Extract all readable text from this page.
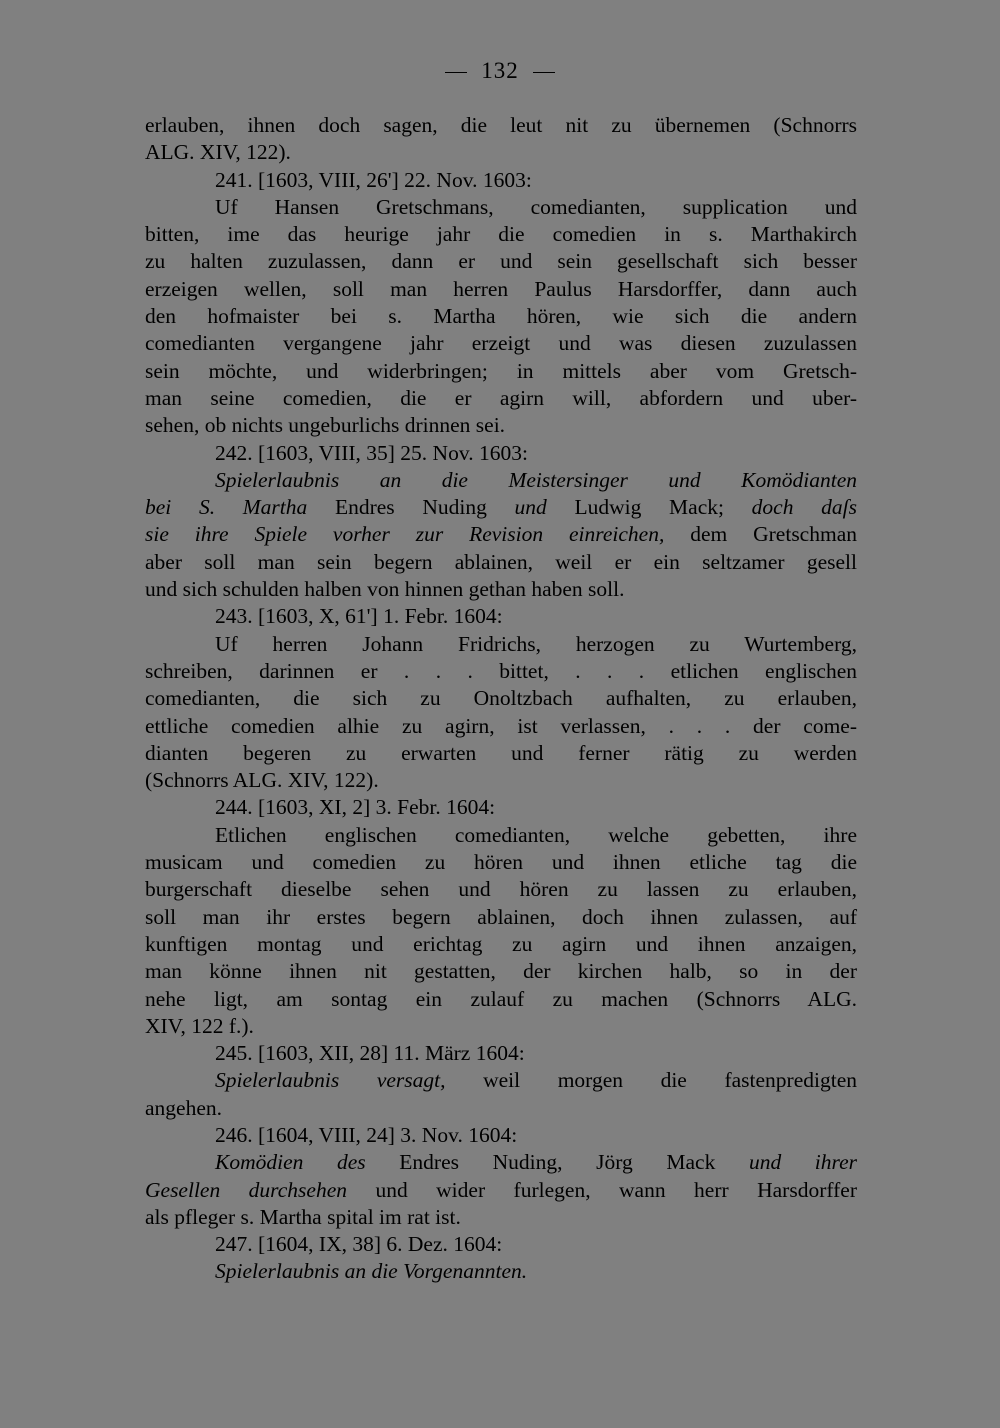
132

erlauben, ihnen doch sagen, die leut nit zu übernemen (Schnorrs
ALG. XIV, 122).

241. [1603, VIII, 26'] 22. Nov. 1603:

Uf Hansen Gretschmans, comedianten, supplication und
bitten, ime das heurige jahr die comedien in s. Marthakirch
zu halten zuzulassen, dann er und sein gesellschaft sich besser
erzeigen wellen, soll man herren Paulus Harsdorffer, dann auch
den hofmaister bei s. Martha hören, wie sich die andern
comedianten vergangene jahr erzeigt und was diesen zuzulassen
sein möchte, und widerbringen; in mittels aber vom Gretsch-
man seine comedien, die er agirn will, abfordern und uber-
sehen, ob nichts ungeburlichs drinnen sei.

242. [1603, VIII, 35] 25. Nov. 1603:

Spielerlaubnis an die Meistersinger und Komödianten
bei S. Martha Endres Nuding und Ludwig Mack; doch daſs
sie ihre Spiele vorher zur Revision einreichen, dem Gretschman
aber soll man sein begern ablainen, weil er ein seltzamer gesell
und sich schulden halben von hinnen gethan haben soll.

243. [1603, X, 61'] 1. Febr. 1604:

Uf herren Johann Fridrichs, herzogen zu Wurtemberg,
schreiben, darinnen er . . . bittet, . . . etlichen englischen
comedianten, die sich zu Onoltzbach aufhalten, zu erlauben,
ettliche comedien alhie zu agirn, ist verlassen, . . . der come-
dianten begeren zu erwarten und ferner rätig zu werden
(Schnorrs ALG. XIV, 122).

244. [1603, XI, 2] 3. Febr. 1604:

Etlichen englischen comedianten, welche gebetten, ihre
musicam und comedien zu hören und ihnen etliche tag die
burgerschaft dieselbe sehen und hören zu lassen zu erlauben,
soll man ihr erstes begern ablainen, doch ihnen zulassen, auf
kunftigen montag und erichtag zu agirn und ihnen anzaigen,
man könne ihnen nit gestatten, der kirchen halb, so in der
nehe ligt, am sontag ein zulauf zu machen (Schnorrs ALG.
XIV, 122 f.).

245. [1603, XII, 28] 11. März 1604:

Spielerlaubnis versagt, weil morgen die fastenpredigten
angehen.

246. [1604, VIII, 24] 3. Nov. 1604:

Komödien des Endres Nuding, Jörg Mack und ihrer
Gesellen durchsehen und wider furlegen, wann herr Harsdorffer
als pfleger s. Martha spital im rat ist.

247. [1604, IX, 38] 6. Dez. 1604:

Spielerlaubnis an die Vorgenannten.
